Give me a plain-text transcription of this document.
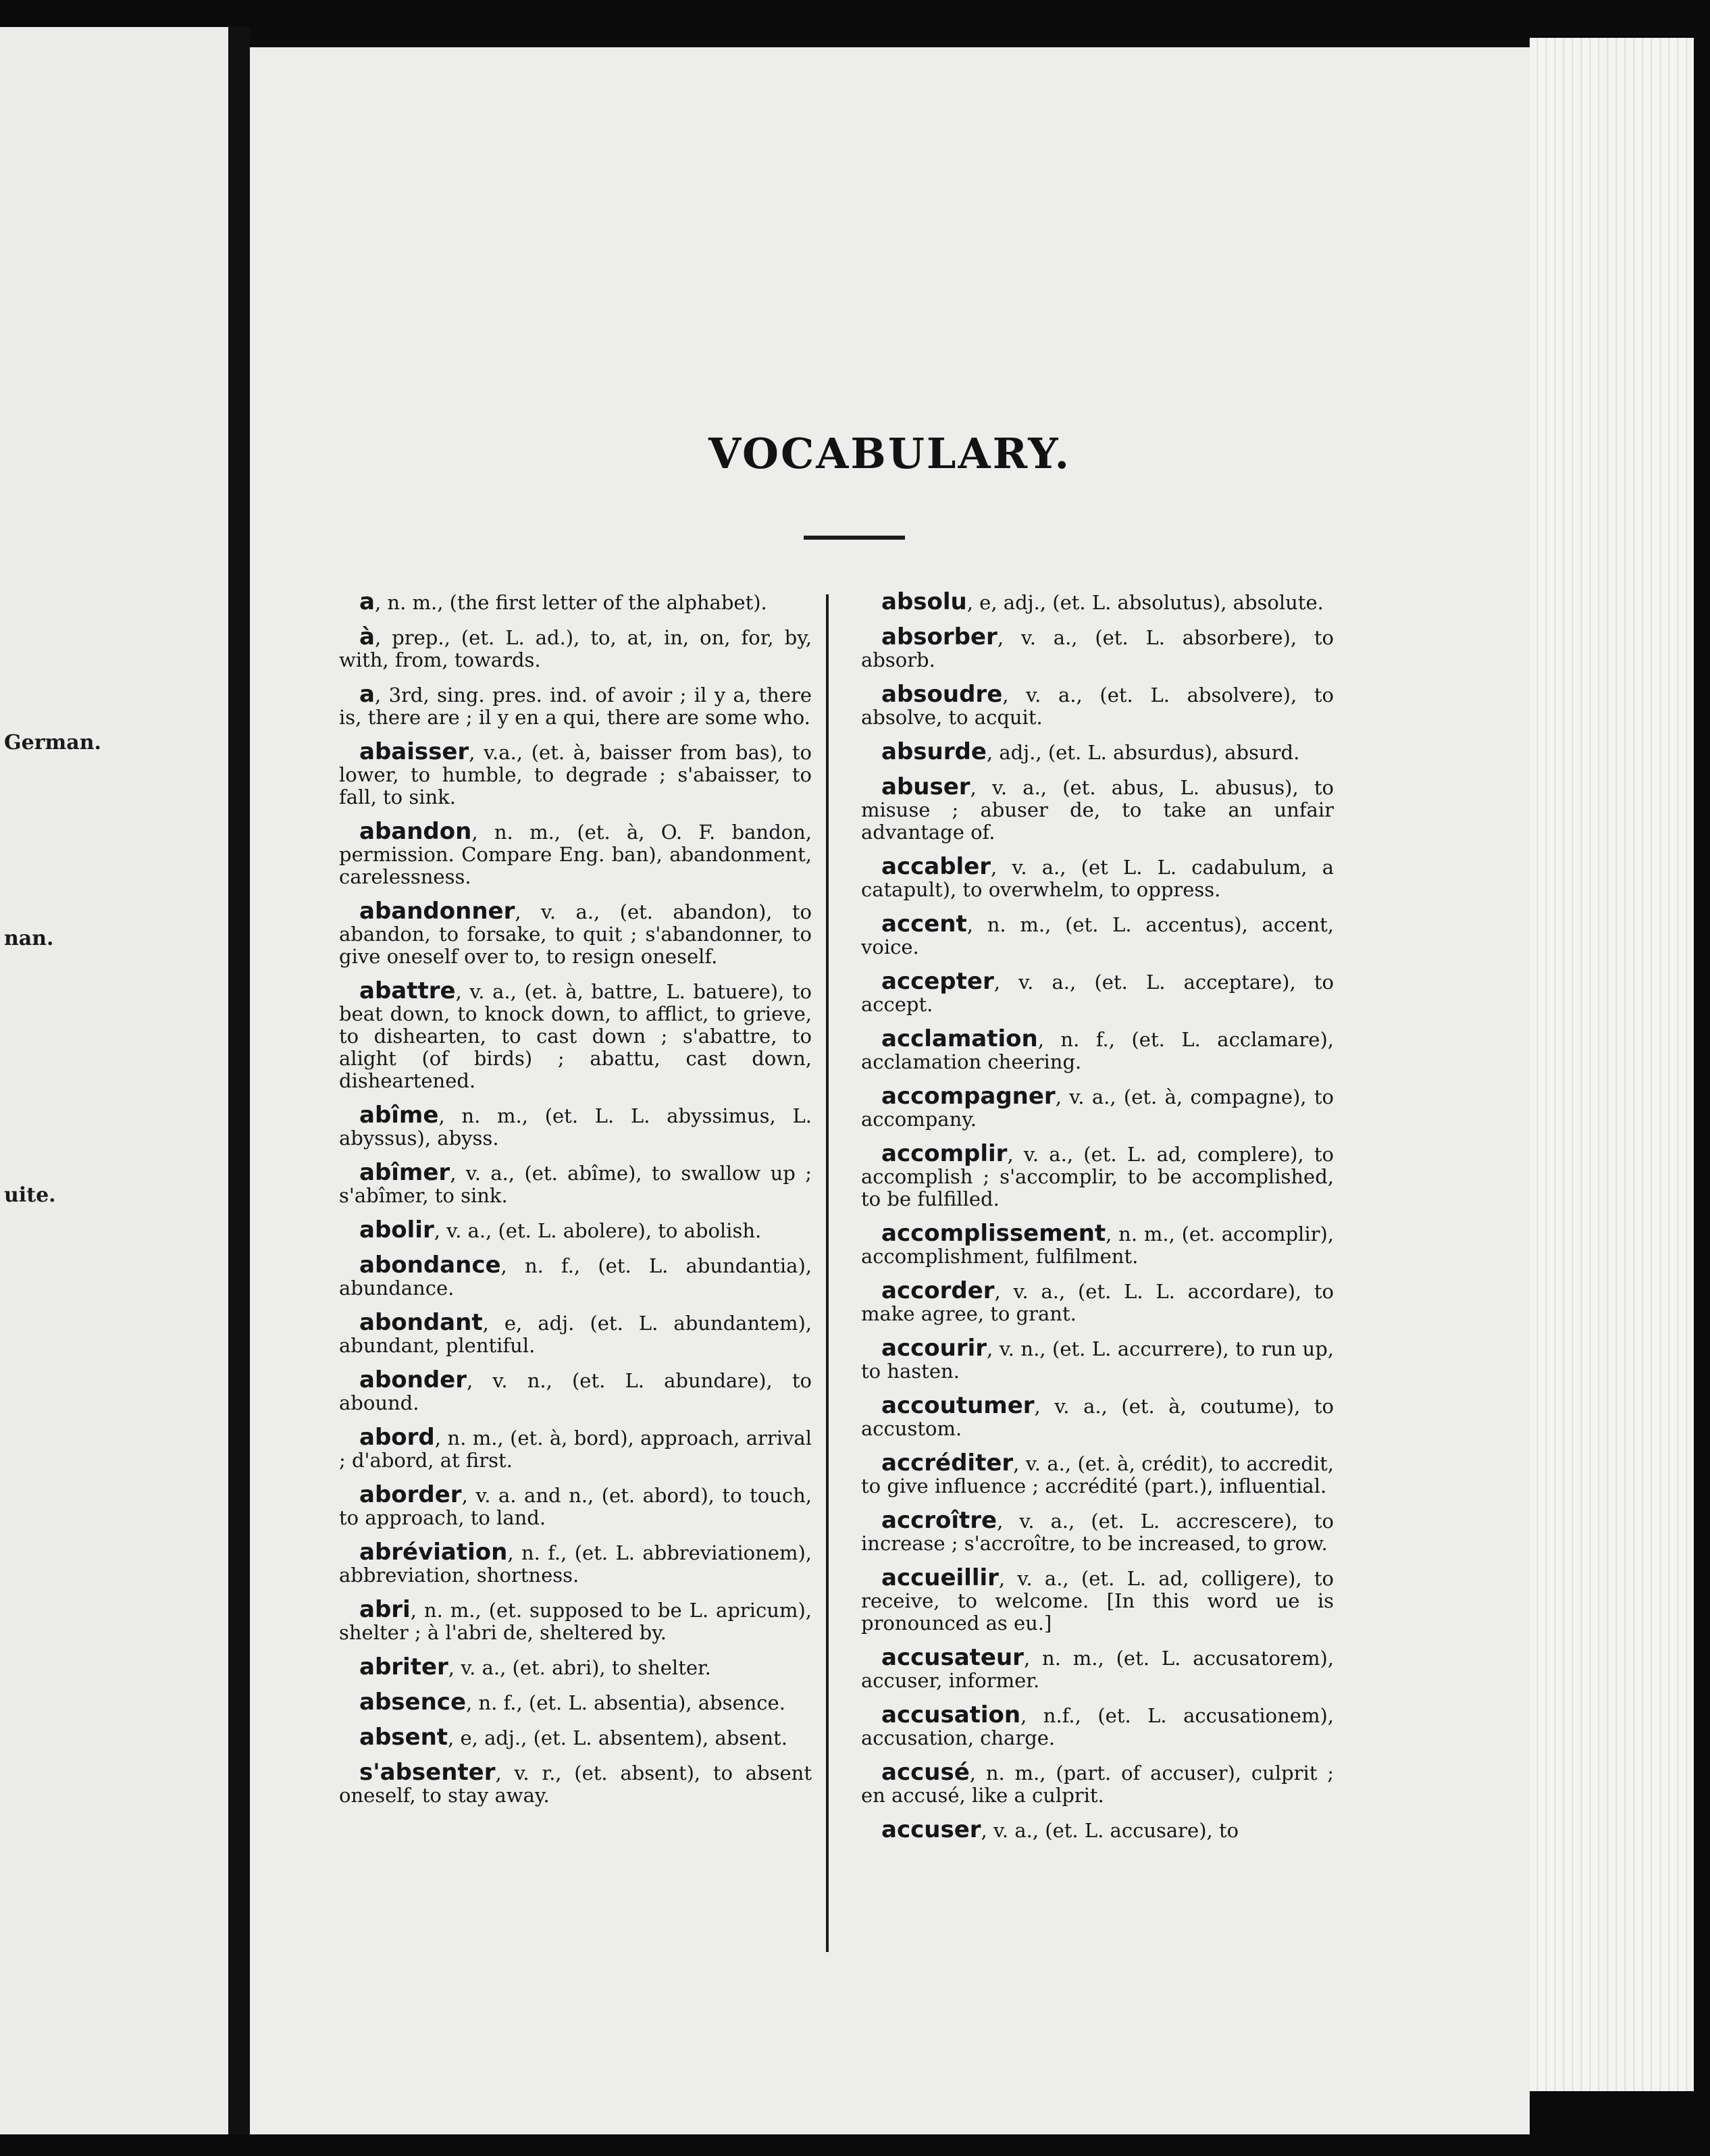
German.
nan.
uite.
VOCABULARY.
a, n. m., (the first letter of the alphabet).
à, prep., (et. L. ad.), to, at, in, on, for, by, with, from, towards.
a, 3rd, sing. pres. ind. of avoir ; il y a, there is, there are ; il y en a qui, there are some who.
abaisser, v.a., (et. à, baisser from bas), to lower, to humble, to degrade ; s'abaisser, to fall, to sink.
abandon, n. m., (et. à, O. F. bandon, permission. Compare Eng. ban), abandonment, carelessness.
abandonner, v. a., (et. abandon), to abandon, to forsake, to quit ; s'abandonner, to give oneself over to, to resign oneself.
abattre, v. a., (et. à, battre, L. batuere), to beat down, to knock down, to afflict, to grieve, to dishearten, to cast down ; s'abattre, to alight (of birds) ; abattu, cast down, disheartened.
abîme, n. m., (et. L. L. abyssimus, L. abyssus), abyss.
abîmer, v. a., (et. abîme), to swallow up ; s'abîmer, to sink.
abolir, v. a., (et. L. abolere), to abolish.
abondance, n. f., (et. L. abundantia), abundance.
abondant, e, adj. (et. L. abundantem), abundant, plentiful.
abonder, v. n., (et. L. abundare), to abound.
abord, n. m., (et. à, bord), approach, arrival ; d'abord, at first.
aborder, v. a. and n., (et. abord), to touch, to approach, to land.
abréviation, n. f., (et. L. abbreviationem), abbreviation, shortness.
abri, n. m., (et. supposed to be L. apricum), shelter ; à l'abri de, sheltered by.
abriter, v. a., (et. abri), to shelter.
absence, n. f., (et. L. absentia), absence.
absent, e, adj., (et. L. absentem), absent.
s'absenter, v. r., (et. absent), to absent oneself, to stay away.
absolu, e, adj., (et. L. absolutus), absolute.
absorber, v. a., (et. L. absorbere), to absorb.
absoudre, v. a., (et. L. absolvere), to absolve, to acquit.
absurde, adj., (et. L. absurdus), absurd.
abuser, v. a., (et. abus, L. abusus), to misuse ; abuser de, to take an unfair advantage of.
accabler, v. a., (et L. L. cadabulum, a catapult), to overwhelm, to oppress.
accent, n. m., (et. L. accentus), accent, voice.
accepter, v. a., (et. L. acceptare), to accept.
acclamation, n. f., (et. L. acclamare), acclamation cheering.
accompagner, v. a., (et. à, compagne), to accompany.
accomplir, v. a., (et. L. ad, complere), to accomplish ; s'accomplir, to be accomplished, to be fulfilled.
accomplissement, n. m., (et. accomplir), accomplishment, fulfilment.
accorder, v. a., (et. L. L. accordare), to make agree, to grant.
accourir, v. n., (et. L. accurrere), to run up, to hasten.
accoutumer, v. a., (et. à, coutume), to accustom.
accréditer, v. a., (et. à, crédit), to accredit, to give influence ; accrédité (part.), influential.
accroître, v. a., (et. L. accrescere), to increase ; s'accroître, to be increased, to grow.
accueillir, v. a., (et. L. ad, colligere), to receive, to welcome. [In this word ue is pronounced as eu.]
accusateur, n. m., (et. L. accusatorem), accuser, informer.
accusation, n.f., (et. L. accusationem), accusation, charge.
accusé, n. m., (part. of accuser), culprit ; en accusé, like a culprit.
accuser, v. a., (et. L. accusare), to
